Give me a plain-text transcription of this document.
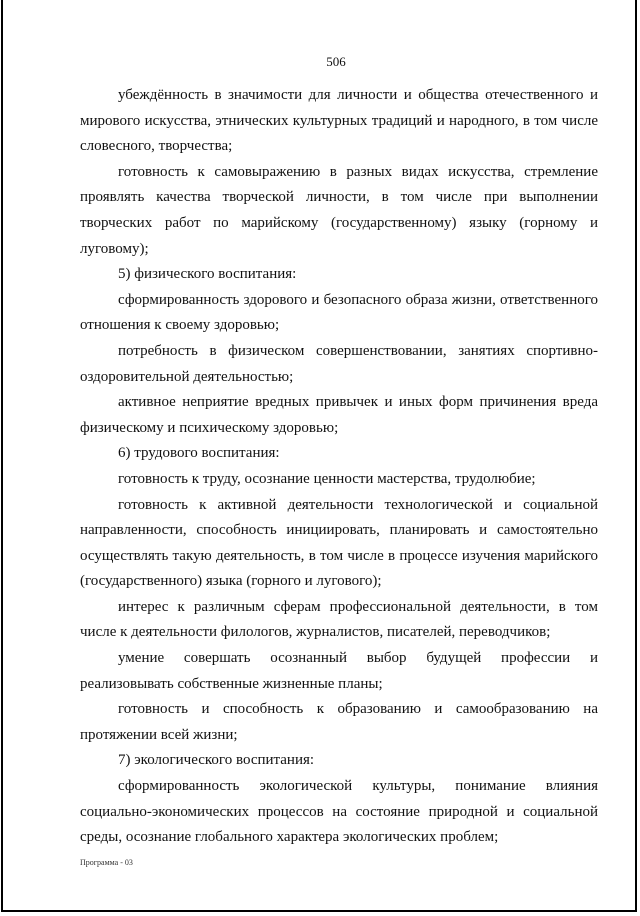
506

убеждённость в значимости для личности и общества отечественного и мирового искусства, этнических культурных традиций и народного, в том числе словесного, творчества;

готовность к самовыражению в разных видах искусства, стремление проявлять качества творческой личности, в том числе при выполнении творческих работ по марийскому (государственному) языку (горному и луговому);

5) физического воспитания:

сформированность здорового и безопасного образа жизни, ответственного отношения к своему здоровью;

потребность в физическом совершенствовании, занятиях спортивно-оздоровительной деятельностью;

активное неприятие вредных привычек и иных форм причинения вреда физическому и психическому здоровью;

6) трудового воспитания:

готовность к труду, осознание ценности мастерства, трудолюбие;

готовность к активной деятельности технологической и социальной направленности, способность инициировать, планировать и самостоятельно осуществлять такую деятельность, в том числе в процессе изучения марийского (государственного) языка (горного и лугового);

интерес к различным сферам профессиональной деятельности, в том числе к деятельности филологов, журналистов, писателей, переводчиков;

умение совершать осознанный выбор будущей профессии и реализовывать собственные жизненные планы;

готовность и способность к образованию и самообразованию на протяжении всей жизни;

7) экологического воспитания:

сформированность экологической культуры, понимание влияния социально-экономических процессов на состояние природной и социальной среды, осознание глобального характера экологических проблем;

Программа - 03
